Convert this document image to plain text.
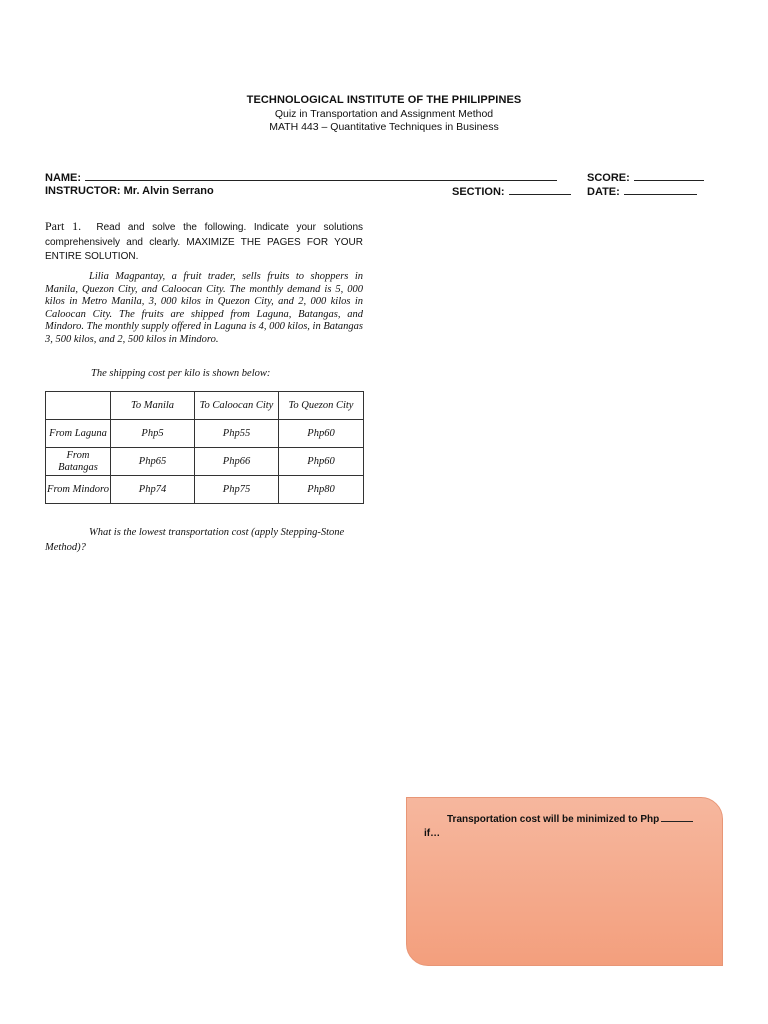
TECHNOLOGICAL INSTITUTE OF THE PHILIPPINES
Quiz in Transportation and Assignment Method
MATH 443 – Quantitative Techniques in Business
NAME:	SCORE:
INSTRUCTOR: Mr. Alvin Serrano	SECTION:	DATE:
Part 1. Read and solve the following. Indicate your solutions comprehensively and clearly. MAXIMIZE THE PAGES FOR YOUR ENTIRE SOLUTION.
Lilia Magpantay, a fruit trader, sells fruits to shoppers in Manila, Quezon City, and Caloocan City. The monthly demand is 5, 000 kilos in Metro Manila, 3, 000 kilos in Quezon City, and 2, 000 kilos in Caloocan City. The fruits are shipped from Laguna, Batangas, and Mindoro. The monthly supply offered in Laguna is 4, 000 kilos, in Batangas 3, 500 kilos, and 2, 500 kilos in Mindoro.
The shipping cost per kilo is shown below:
	To Manila	To Caloocan City	To Quezon City
From Laguna	Php5	Php55	Php60
From Batangas	Php65	Php66	Php60
From Mindoro	Php74	Php75	Php80
What is the lowest transportation cost (apply Stepping-Stone Method)?
Transportation cost will be minimized to Php
if…
